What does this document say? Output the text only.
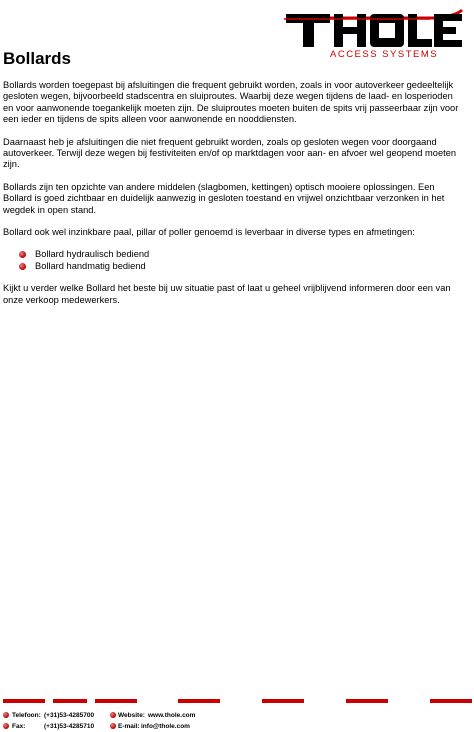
ACCESS SYSTEMS
Bollards

Bollards worden toegepast bij afsluitingen die frequent gebruikt worden, zoals in voor autoverkeer gedeeltelijk gesloten wegen, bijvoorbeeld stadscentra en sluiproutes. Waarbij deze wegen tijdens de laad- en losperioden en voor aanwonende toegankelijk moeten zijn. De sluiproutes moeten buiten de spits vrij passeerbaar zijn voor een ieder en tijdens de spits alleen voor aanwonende en nooddiensten.

Daarnaast heb je afsluitingen die niet frequent gebruikt worden, zoals op gesloten wegen voor doorgaand autoverkeer. Terwijl deze wegen bij festiviteiten en/of op marktdagen voor aan- en afvoer wel geopend moeten zijn.

Bollards zijn ten opzichte van andere middelen (slagbomen, kettingen) optisch mooiere oplossingen. Een Bollard is goed zichtbaar en duidelijk aanwezig in gesloten toestand en vrijwel onzichtbaar verzonken in het wegdek in open stand.

Bollard ook wel inzinkbare paal, pillar of poller genoemd is leverbaar in diverse types en afmetingen:

Bollard hydraulisch bediend
Bollard handmatig bediend

Kijkt u verder welke Bollard het beste bij uw situatie past of laat u geheel vrijblijvend informeren door een van onze verkoop medewerkers.

Telefoon: (+31)53-4285700	Website: www.thole.com
Fax:	(+31)53-4285710	E-mail: info@thole.com
